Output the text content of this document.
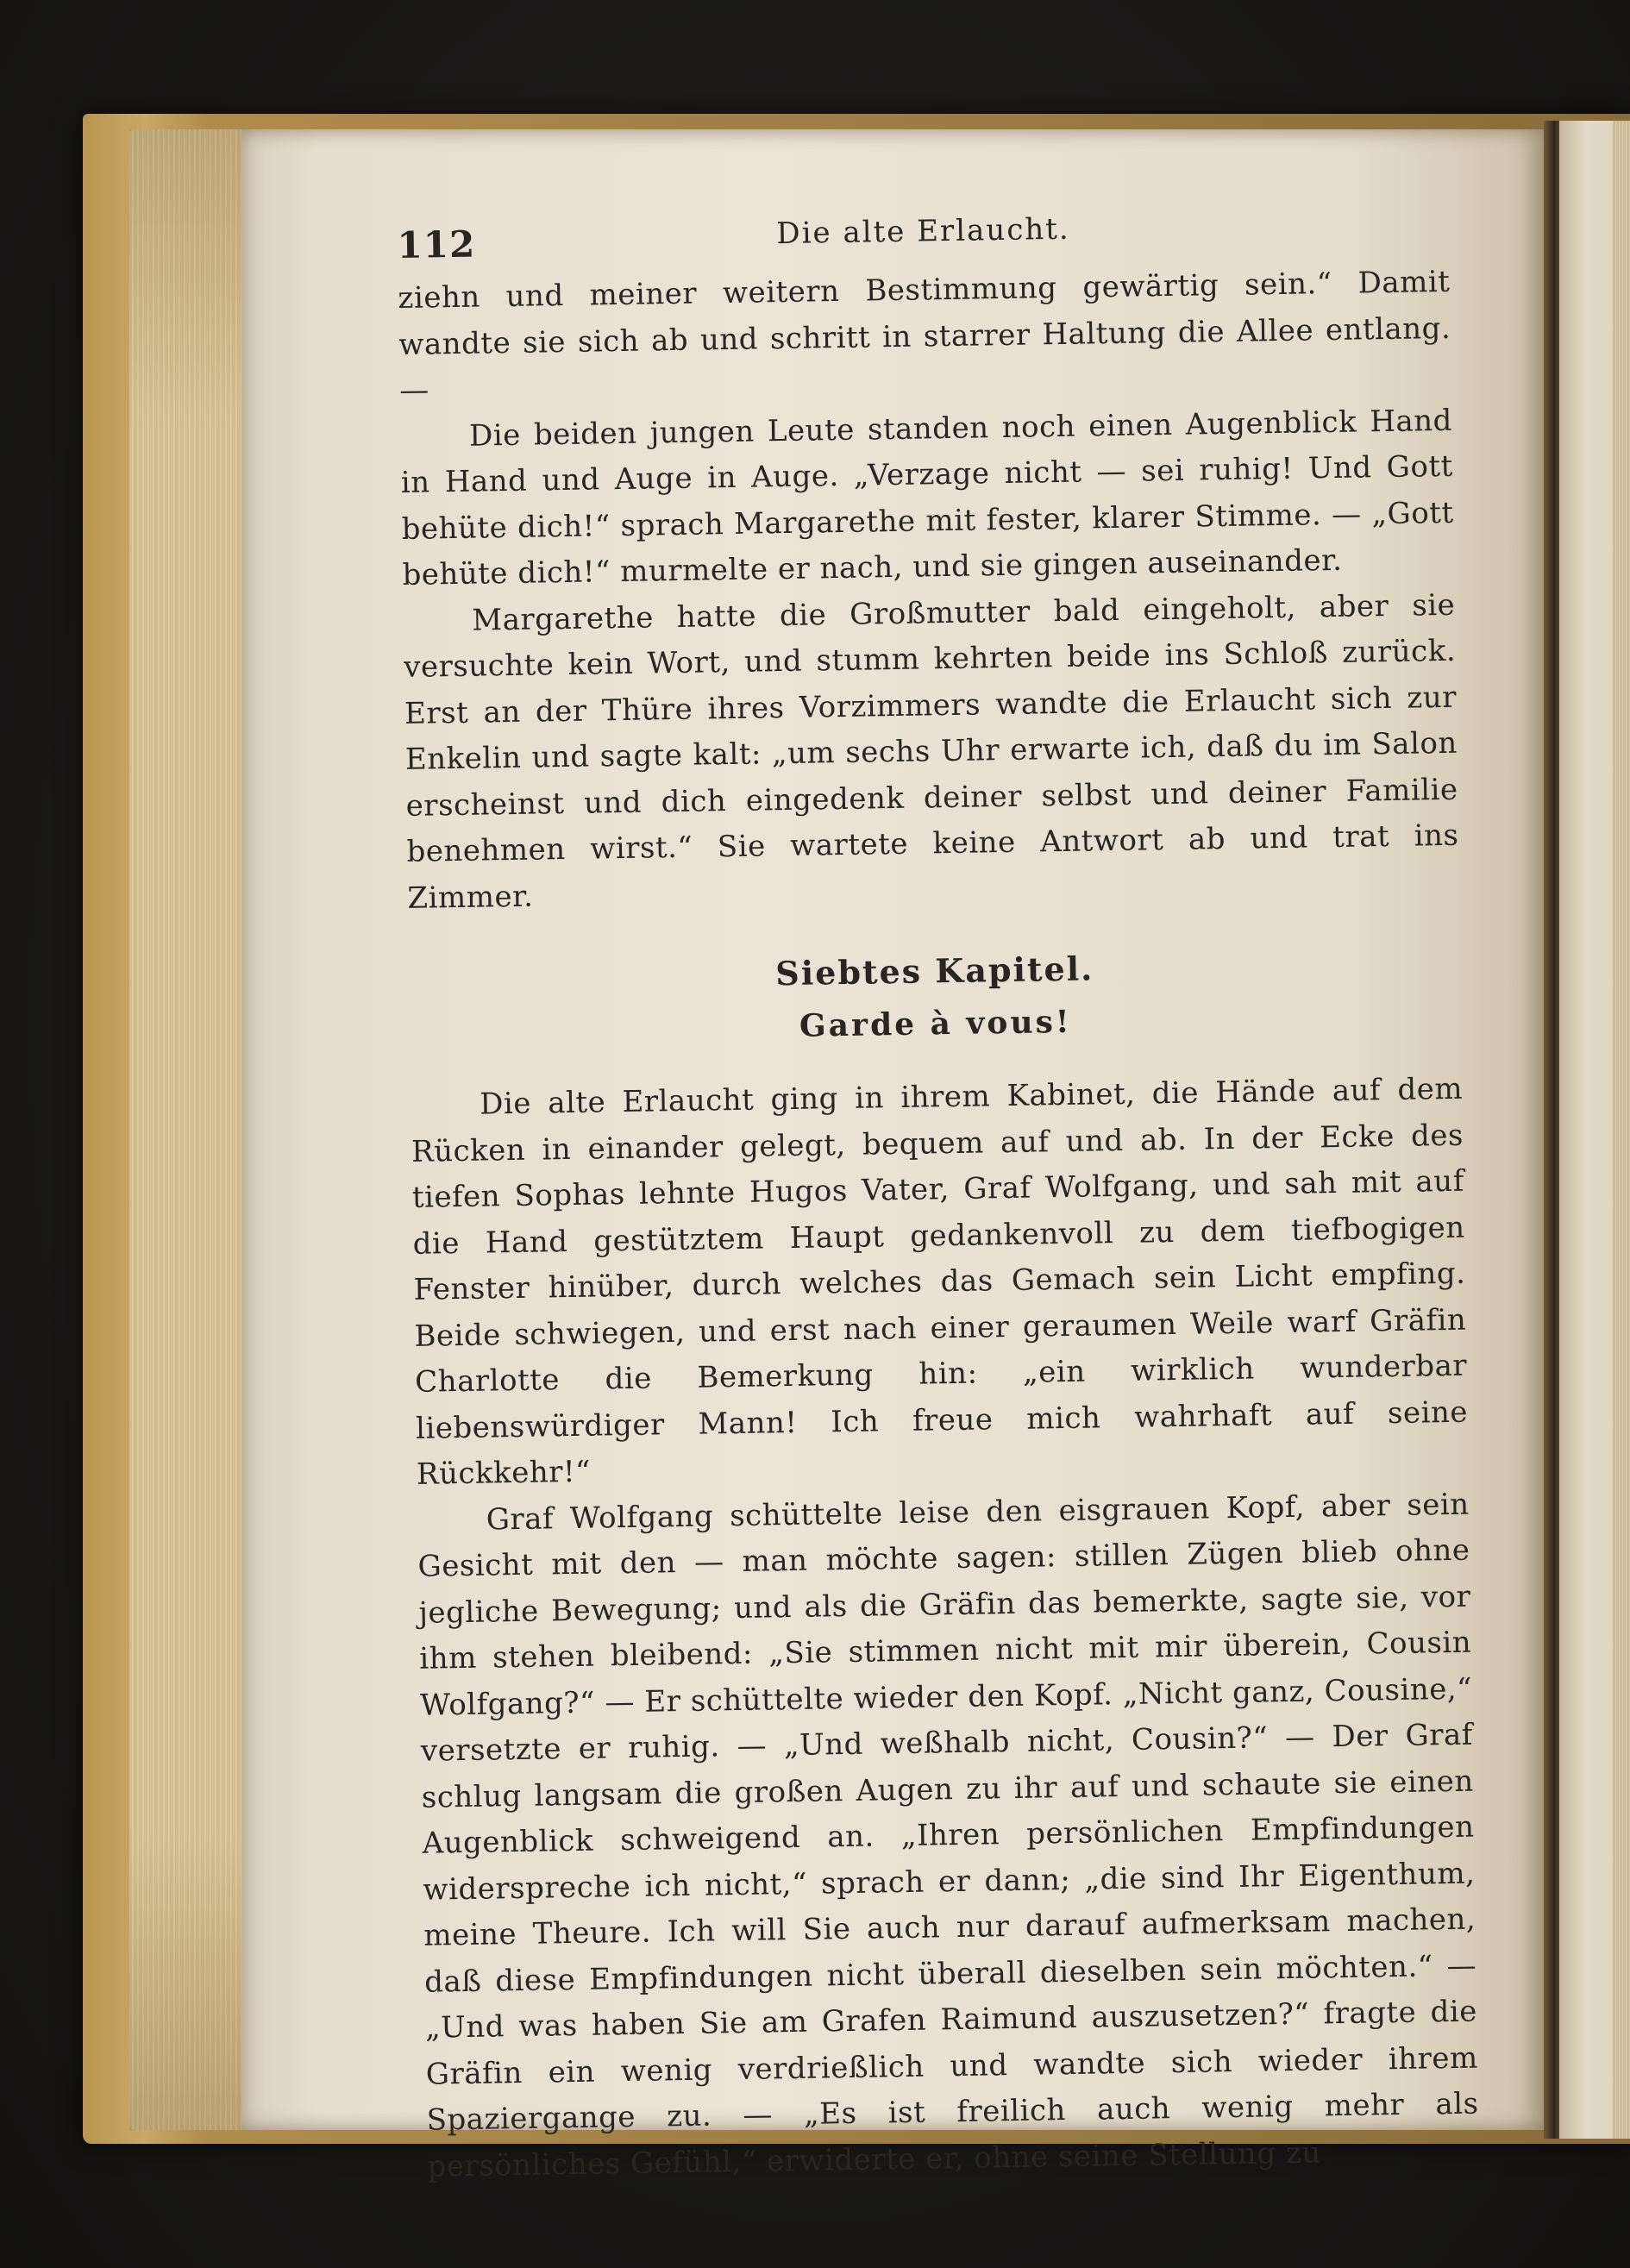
112	Die alte Erlaucht.

ziehn und meiner weitern Bestimmung gewärtig sein.“ Damit wandte sie sich ab und schritt in starrer Haltung die Allee entlang. —

Die beiden jungen Leute standen noch einen Augenblick Hand in Hand und Auge in Auge. „Verzage nicht — sei ruhig! Und Gott behüte dich!“ sprach Margarethe mit fester, klarer Stimme. — „Gott behüte dich!“ murmelte er nach, und sie gingen auseinander.

Margarethe hatte die Großmutter bald eingeholt, aber sie versuchte kein Wort, und stumm kehrten beide ins Schloß zurück. Erst an der Thüre ihres Vorzimmers wandte die Erlaucht sich zur Enkelin und sagte kalt: „um sechs Uhr erwarte ich, daß du im Salon erscheinst und dich eingedenk deiner selbst und deiner Familie benehmen wirst.“ Sie wartete keine Antwort ab und trat ins Zimmer.

Siebtes Kapitel.
Garde à vous!

Die alte Erlaucht ging in ihrem Kabinet, die Hände auf dem Rücken in einander gelegt, bequem auf und ab. In der Ecke des tiefen Sophas lehnte Hugos Vater, Graf Wolfgang, und sah mit auf die Hand gestütztem Haupt gedankenvoll zu dem tiefbogigen Fenster hinüber, durch welches das Gemach sein Licht empfing. Beide schwiegen, und erst nach einer geraumen Weile warf Gräfin Charlotte die Bemerkung hin: „ein wirklich wunderbar liebenswürdiger Mann! Ich freue mich wahrhaft auf seine Rückkehr!“

Graf Wolfgang schüttelte leise den eisgrauen Kopf, aber sein Gesicht mit den — man möchte sagen: stillen Zügen blieb ohne jegliche Bewegung; und als die Gräfin das bemerkte, sagte sie, vor ihm stehen bleibend: „Sie stimmen nicht mit mir überein, Cousin Wolfgang?“ — Er schüttelte wieder den Kopf. „Nicht ganz, Cousine,“ versetzte er ruhig. — „Und weßhalb nicht, Cousin?“ — Der Graf schlug langsam die großen Augen zu ihr auf und schaute sie einen Augenblick schweigend an. „Ihren persönlichen Empfindungen widerspreche ich nicht,“ sprach er dann; „die sind Ihr Eigenthum, meine Theure. Ich will Sie auch nur darauf aufmerksam machen, daß diese Empfindungen nicht überall dieselben sein möchten.“ — „Und was haben Sie am Grafen Raimund auszusetzen?“ fragte die Gräfin ein wenig verdrießlich und wandte sich wieder ihrem Spaziergange zu. — „Es ist freilich auch wenig mehr als persönliches Gefühl,“ erwiderte er, ohne seine Stellung zu
